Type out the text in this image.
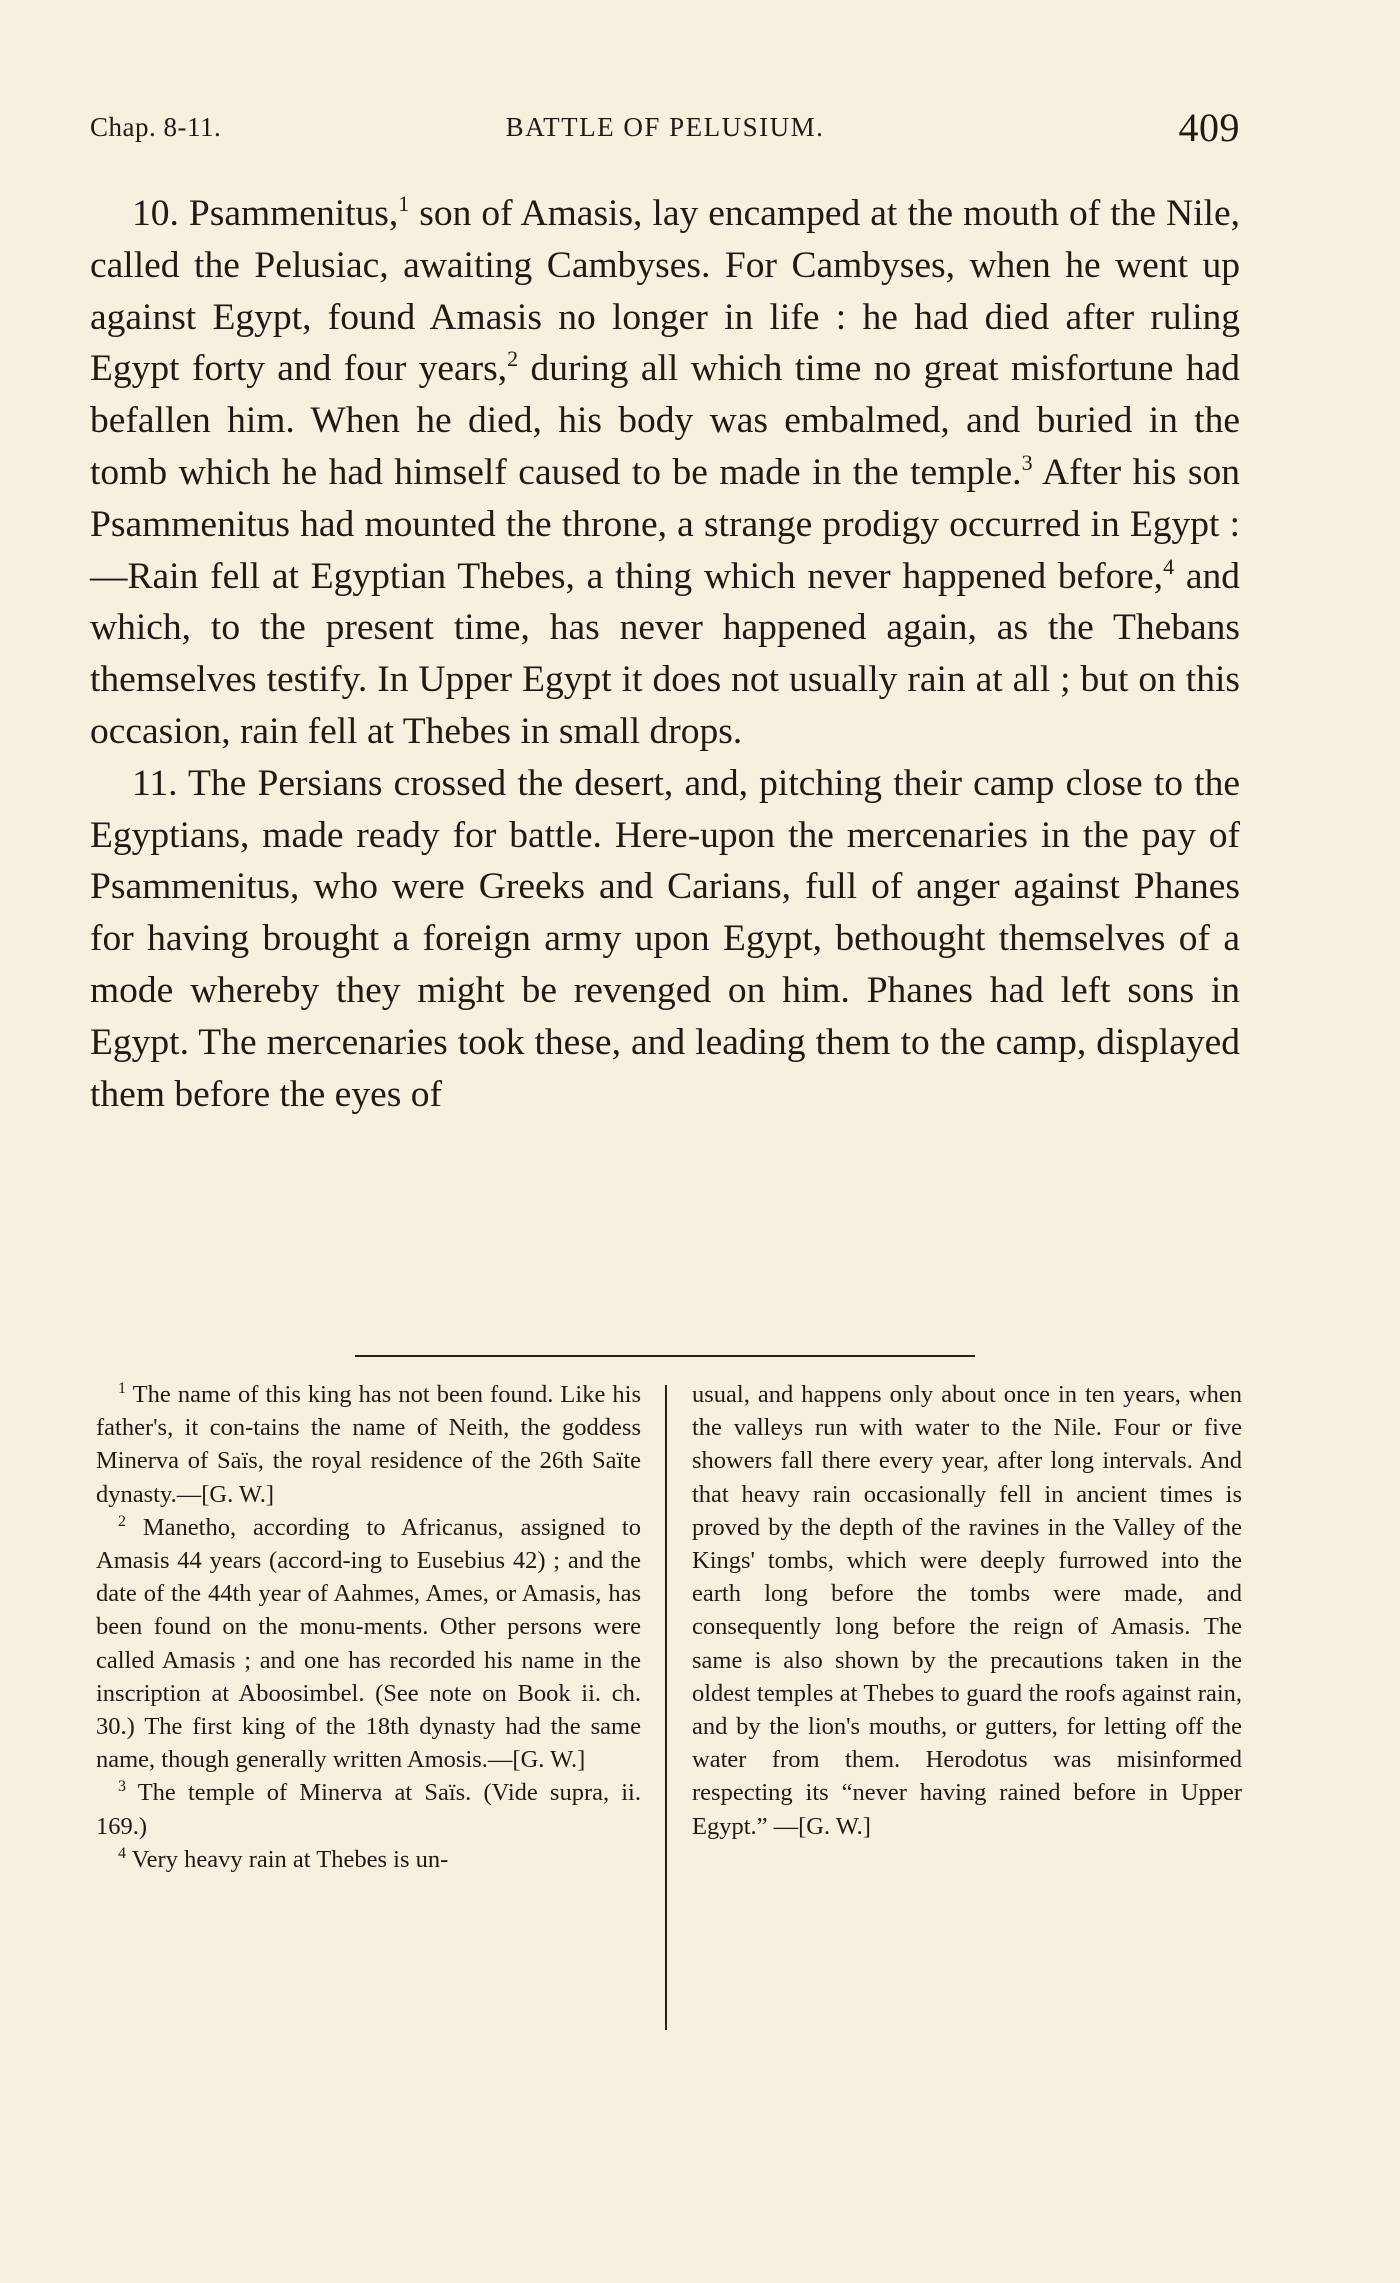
Chap. 8-11.	BATTLE OF PELUSIUM.	409

10. Psammenitus,$^1$ son of Amasis, lay encamped at the mouth of the Nile, called the Pelusiac, awaiting Cambyses. For Cambyses, when he went up against Egypt, found Amasis no longer in life : he had died after ruling Egypt forty and four years,$^2$ during all which time no great misfortune had befallen him. When he died, his body was embalmed, and buried in the tomb which he had himself caused to be made in the temple.$^3$ After his son Psammenitus had mounted the throne, a strange prodigy occurred in Egypt :—Rain fell at Egyptian Thebes, a thing which never happened before,$^4$ and which, to the present time, has never happened again, as the Thebans themselves testify. In Upper Egypt it does not usually rain at all ; but on this occasion, rain fell at Thebes in small drops.

11. The Persians crossed the desert, and, pitching their camp close to the Egyptians, made ready for battle. Here-upon the mercenaries in the pay of Psammenitus, who were Greeks and Carians, full of anger against Phanes for having brought a foreign army upon Egypt, bethought themselves of a mode whereby they might be revenged on him. Phanes had left sons in Egypt. The mercenaries took these, and leading them to the camp, displayed them before the eyes of

$^1$ The name of this king has not been found. Like his father's, it con-tains the name of Neith, the goddess Minerva of Saïs, the royal residence of the 26th Saïte dynasty.—[G. W.]

$^2$ Manetho, according to Africanus, assigned to Amasis 44 years (accord-ing to Eusebius 42) ; and the date of the 44th year of Aahmes, Ames, or Amasis, has been found on the monu-ments. Other persons were called Amasis ; and one has recorded his name in the inscription at Aboosimbel. (See note on Book ii. ch. 30.) The first king of the 18th dynasty had the same name, though generally written Amosis.—[G. W.]

$^3$ The temple of Minerva at Saïs. (Vide supra, ii. 169.)

$^4$ Very heavy rain at Thebes is un-

usual, and happens only about once in ten years, when the valleys run with water to the Nile. Four or five showers fall there every year, after long intervals. And that heavy rain occasionally fell in ancient times is proved by the depth of the ravines in the Valley of the Kings' tombs, which were deeply furrowed into the earth long before the tombs were made, and consequently long before the reign of Amasis. The same is also shown by the precautions taken in the oldest temples at Thebes to guard the roofs against rain, and by the lion's mouths, or gutters, for letting off the water from them. Herodotus was misinformed respecting its “never having rained before in Upper Egypt.” —[G. W.]
